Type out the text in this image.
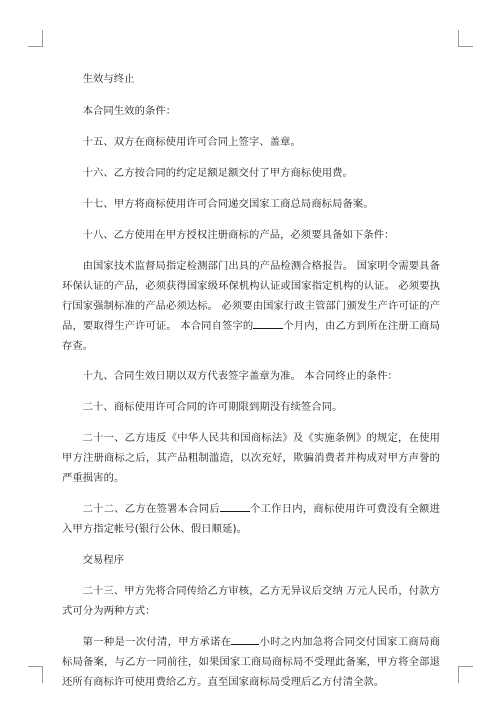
生效与终止

本合同生效的条件：

十五、双方在商标使用许可合同上签字、盖章。

十六、乙方按合同的约定足额足额交付了甲方商标使用费。

十七、甲方将商标使用许可合同递交国家工商总局商标局备案。

十八、乙方使用在甲方授权注册商标的产品，必须要具备如下条件：

由国家技术监督局指定检测部门出具的产品检测合格报告。 国家明令需要具备环保认证的产品，必须获得国家级环保机构认证或国家指定机构的认证。 必须要执行国家强制标准的产品必须达标。 必须要由国家行政主管部门颁发生产许可证的产品，要取得生产许可证。 本合同自签字的	个月内，由乙方到所在注册工商局存查。

十九、合同生效日期以双方代表签字盖章为准。 本合同终止的条件：

二十、商标使用许可合同的许可期限到期没有续签合同。

二十一、乙方违反《中华人民共和国商标法》及《实施条例》的规定，在使用甲方注册商标之后，其产品粗制滥造，以次充好，欺骗消费者并构成对甲方声誉的严重损害的。

二十二、乙方在签署本合同后	个工作日内，商标使用许可费没有全额进入甲方指定帐号(银行公休、假日顺延)。

交易程序

二十三、甲方先将合同传给乙方审核，乙方无异议后交纳 万元人民币，付款方式可分为两种方式：

第一种是一次付清，甲方承诺在	小时之内加急将合同交付国家工商局商标局备案，与乙方一同前往，如果国家工商局商标局不受理此备案，甲方将全部退还所有商标许可使用费给乙方。直至国家商标局受理后乙方付清全款。
